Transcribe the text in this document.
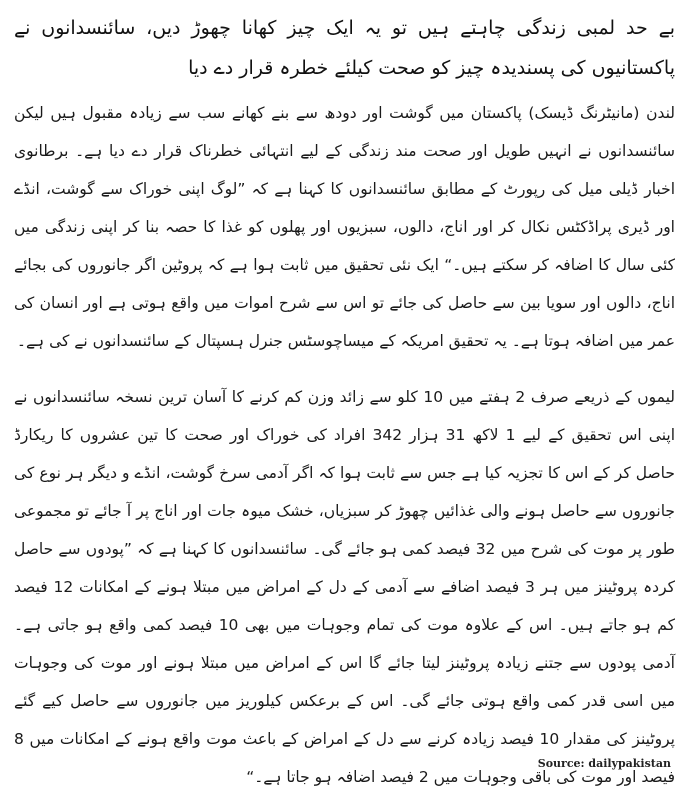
بے حد لمبی زندگی چاہتے ہیں تو یہ ایک چیز کھانا چھوڑ دیں، سائنسدانوں نے پاکستانیوں کی پسندیدہ چیز کو صحت کیلئے خطرہ قرار دے دیا

لندن (مانیٹرنگ ڈیسک) پاکستان میں گوشت اور دودھ سے بنے کھانے سب سے زیادہ مقبول ہیں لیکن سائنسدانوں نے انہیں طویل اور صحت مند زندگی کے لیے انتہائی خطرناک قرار دے دیا ہے۔ برطانوی اخبار ڈیلی میل کی رپورٹ کے مطابق سائنسدانوں کا کہنا ہے کہ ”لوگ اپنی خوراک سے گوشت، انڈے اور ڈیری پراڈکٹس نکال کر اور اناج، دالوں، سبزیوں اور پھلوں کو غذا کا حصہ بنا کر اپنی زندگی میں کئی سال کا اضافہ کر سکتے ہیں۔“ ایک نئی تحقیق میں ثابت ہوا ہے کہ پروٹین اگر جانوروں کی بجائے اناج، دالوں اور سویا بین سے حاصل کی جائے تو اس سے شرح اموات میں واقع ہوتی ہے اور انسان کی عمر میں اضافہ ہوتا ہے۔ یہ تحقیق امریکہ کے میساچوسٹس جنرل ہسپتال کے سائنسدانوں نے کی ہے۔

لیموں کے ذریعے صرف 2 ہفتے میں 10 کلو سے زائد وزن کم کرنے کا آسان ترین نسخہ سائنسدانوں نے اپنی اس تحقیق کے لیے 1 لاکھ 31 ہزار 342 افراد کی خوراک اور صحت کا تین عشروں کا ریکارڈ حاصل کر کے اس کا تجزیہ کیا ہے جس سے ثابت ہوا کہ اگر آدمی سرخ گوشت، انڈے و دیگر ہر نوع کی جانوروں سے حاصل ہونے والی غذائیں چھوڑ کر سبزیاں، خشک میوہ جات اور اناج پر آ جائے تو مجموعی طور پر موت کی شرح میں 32 فیصد کمی ہو جائے گی۔ سائنسدانوں کا کہنا ہے کہ ”پودوں سے حاصل کردہ پروٹینز میں ہر 3 فیصد اضافے سے آدمی کے دل کے امراض میں مبتلا ہونے کے امکانات 12 فیصد کم ہو جاتے ہیں۔ اس کے علاوہ موت کی تمام وجوہات میں بھی 10 فیصد کمی واقع ہو جاتی ہے۔ آدمی پودوں سے جتنے زیادہ پروٹینز لیتا جائے گا اس کے امراض میں مبتلا ہونے اور موت کی وجوہات میں اسی قدر کمی واقع ہوتی جائے گی۔ اس کے برعکس کیلوریز میں جانوروں سے حاصل کیے گئے پروٹینز کی مقدار 10 فیصد زیادہ کرنے سے دل کے امراض کے باعث موت واقع ہونے کے امکانات میں 8 فیصد اور موت کی باقی وجوہات میں 2 فیصد اضافہ ہو جاتا ہے۔“

Source: dailypakistan
